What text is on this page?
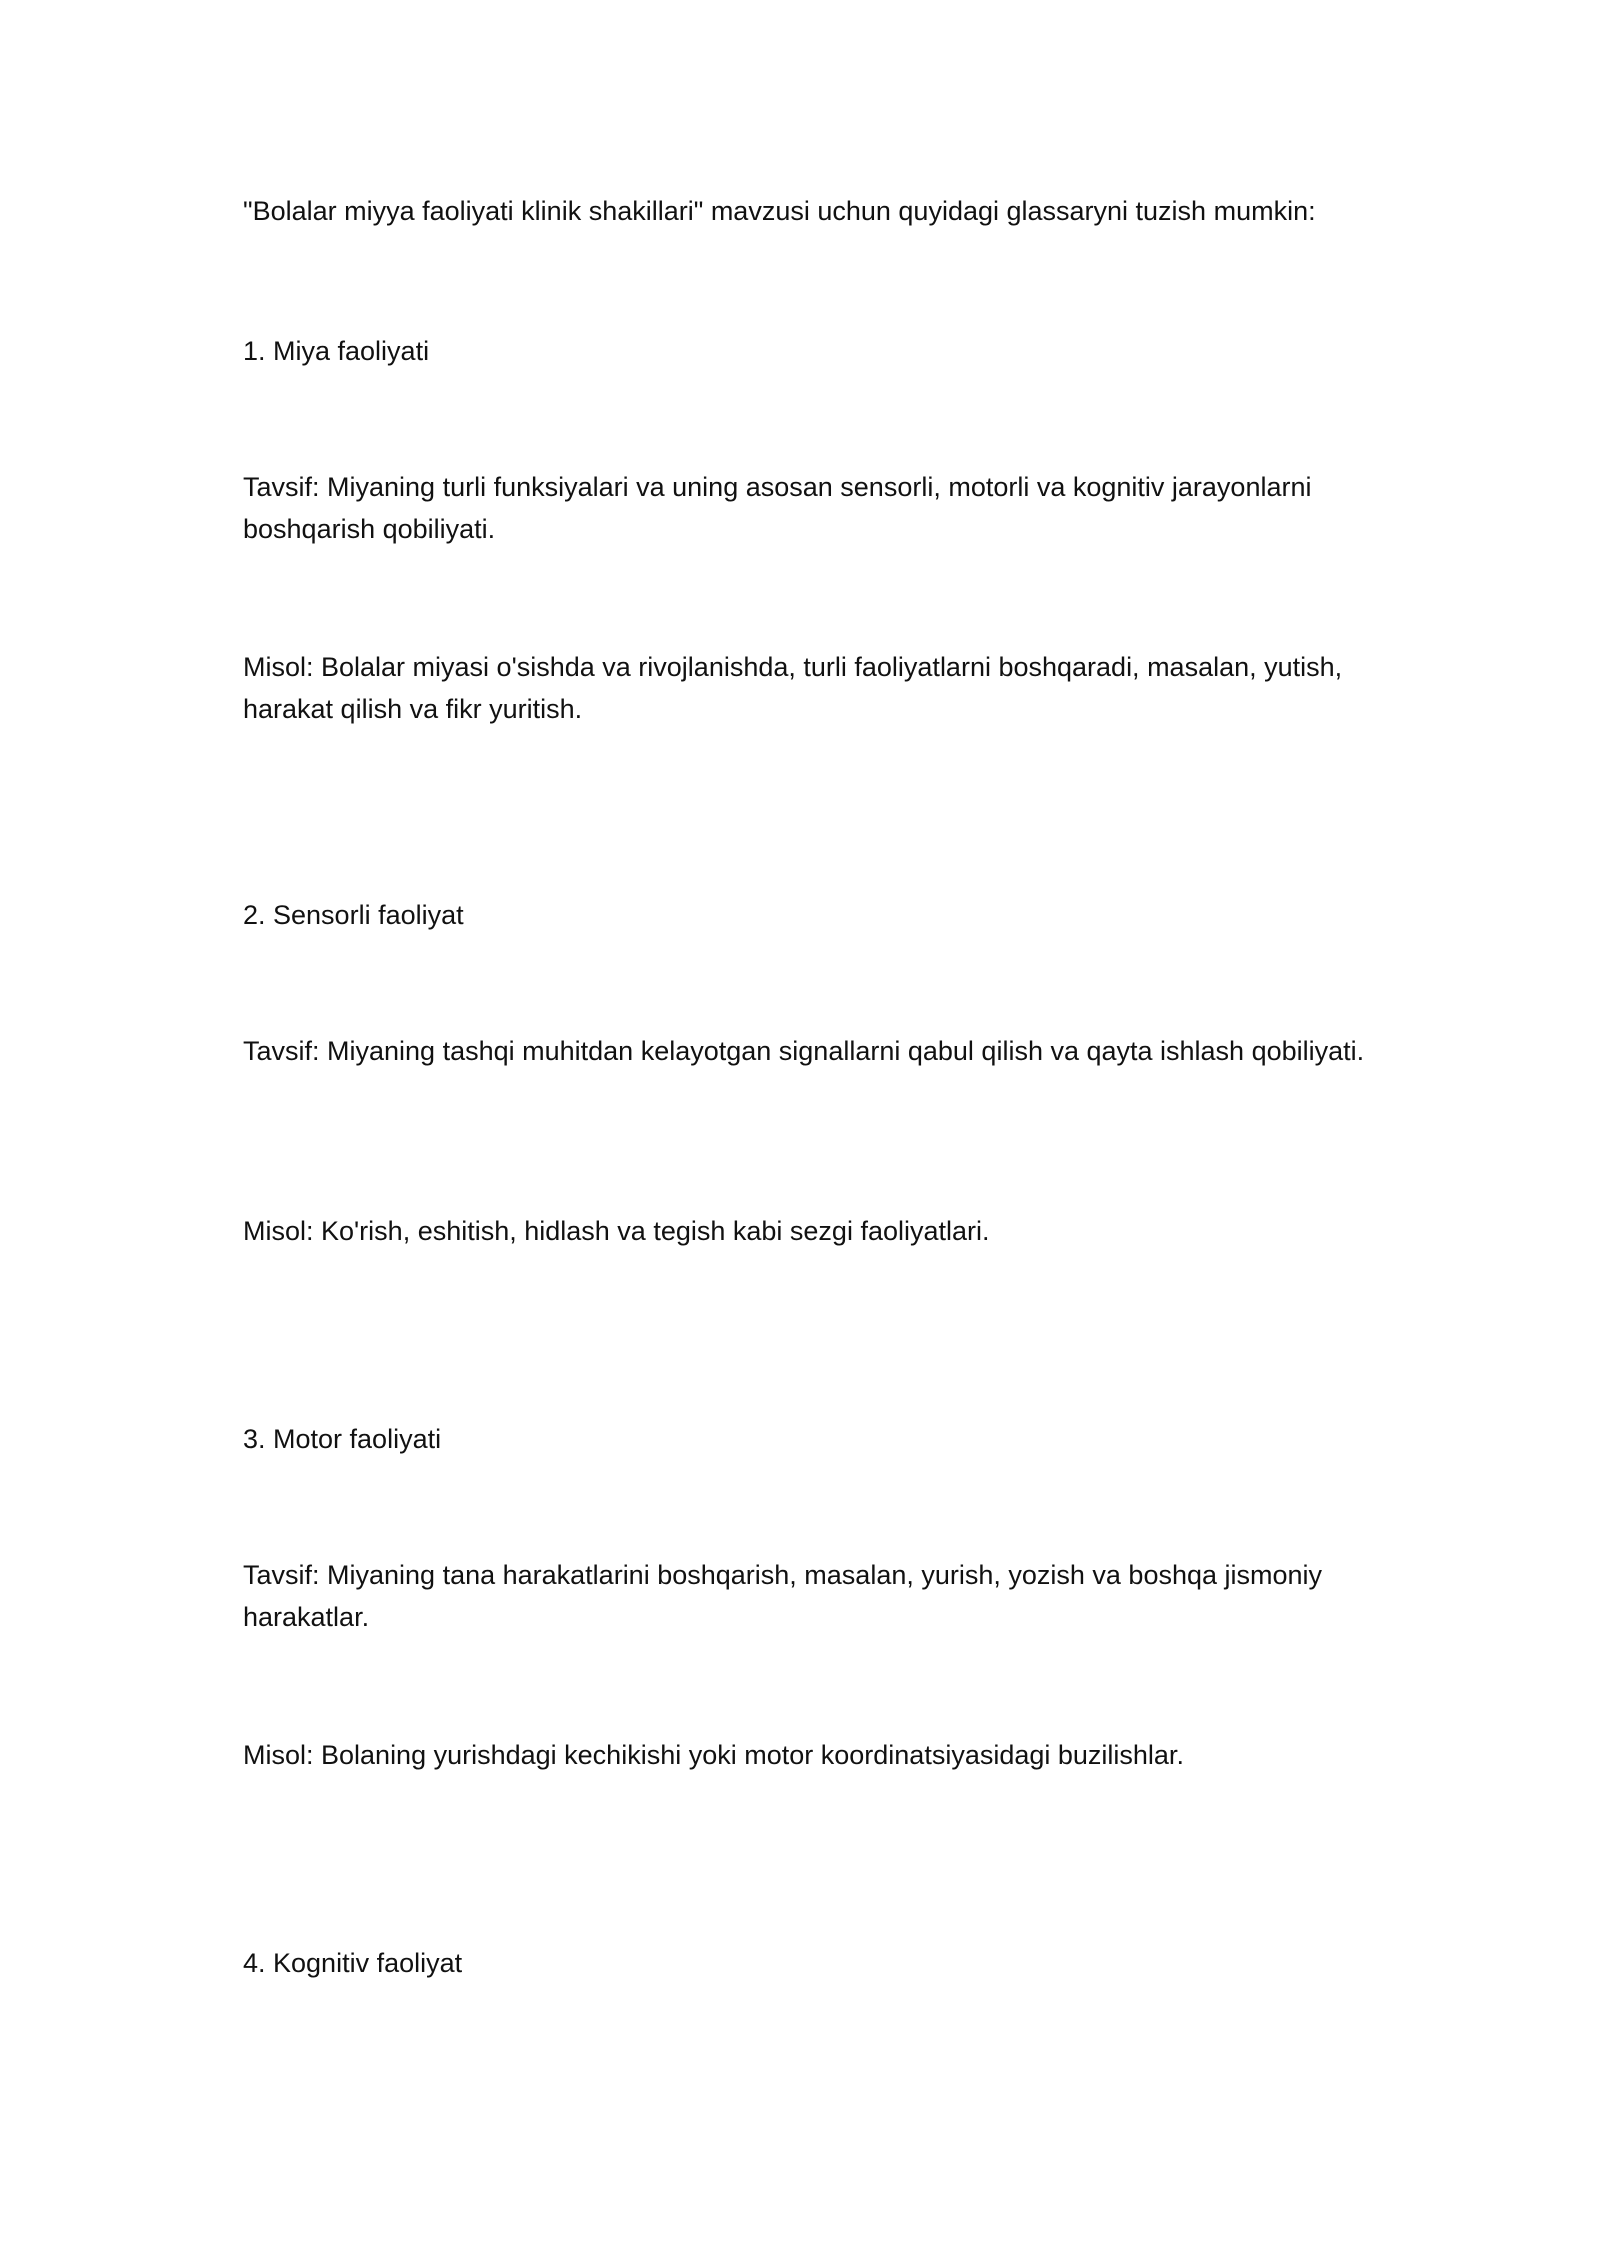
"Bolalar miyya faoliyati klinik shakillari" mavzusi uchun quyidagi glassaryni tuzish mumkin:

1. Miya faoliyati

Tavsif: Miyaning turli funksiyalari va uning asosan sensorli, motorli va kognitiv jarayonlarni boshqarish qobiliyati.

Misol: Bolalar miyasi o'sishda va rivojlanishda, turli faoliyatlarni boshqaradi, masalan, yutish, harakat qilish va fikr yuritish.

2. Sensorli faoliyat

Tavsif: Miyaning tashqi muhitdan kelayotgan signallarni qabul qilish va qayta ishlash qobiliyati.

Misol: Ko'rish, eshitish, hidlash va tegish kabi sezgi faoliyatlari.

3. Motor faoliyati

Tavsif: Miyaning tana harakatlarini boshqarish, masalan, yurish, yozish va boshqa jismoniy harakatlar.

Misol: Bolaning yurishdagi kechikishi yoki motor koordinatsiyasidagi buzilishlar.

4. Kognitiv faoliyat
